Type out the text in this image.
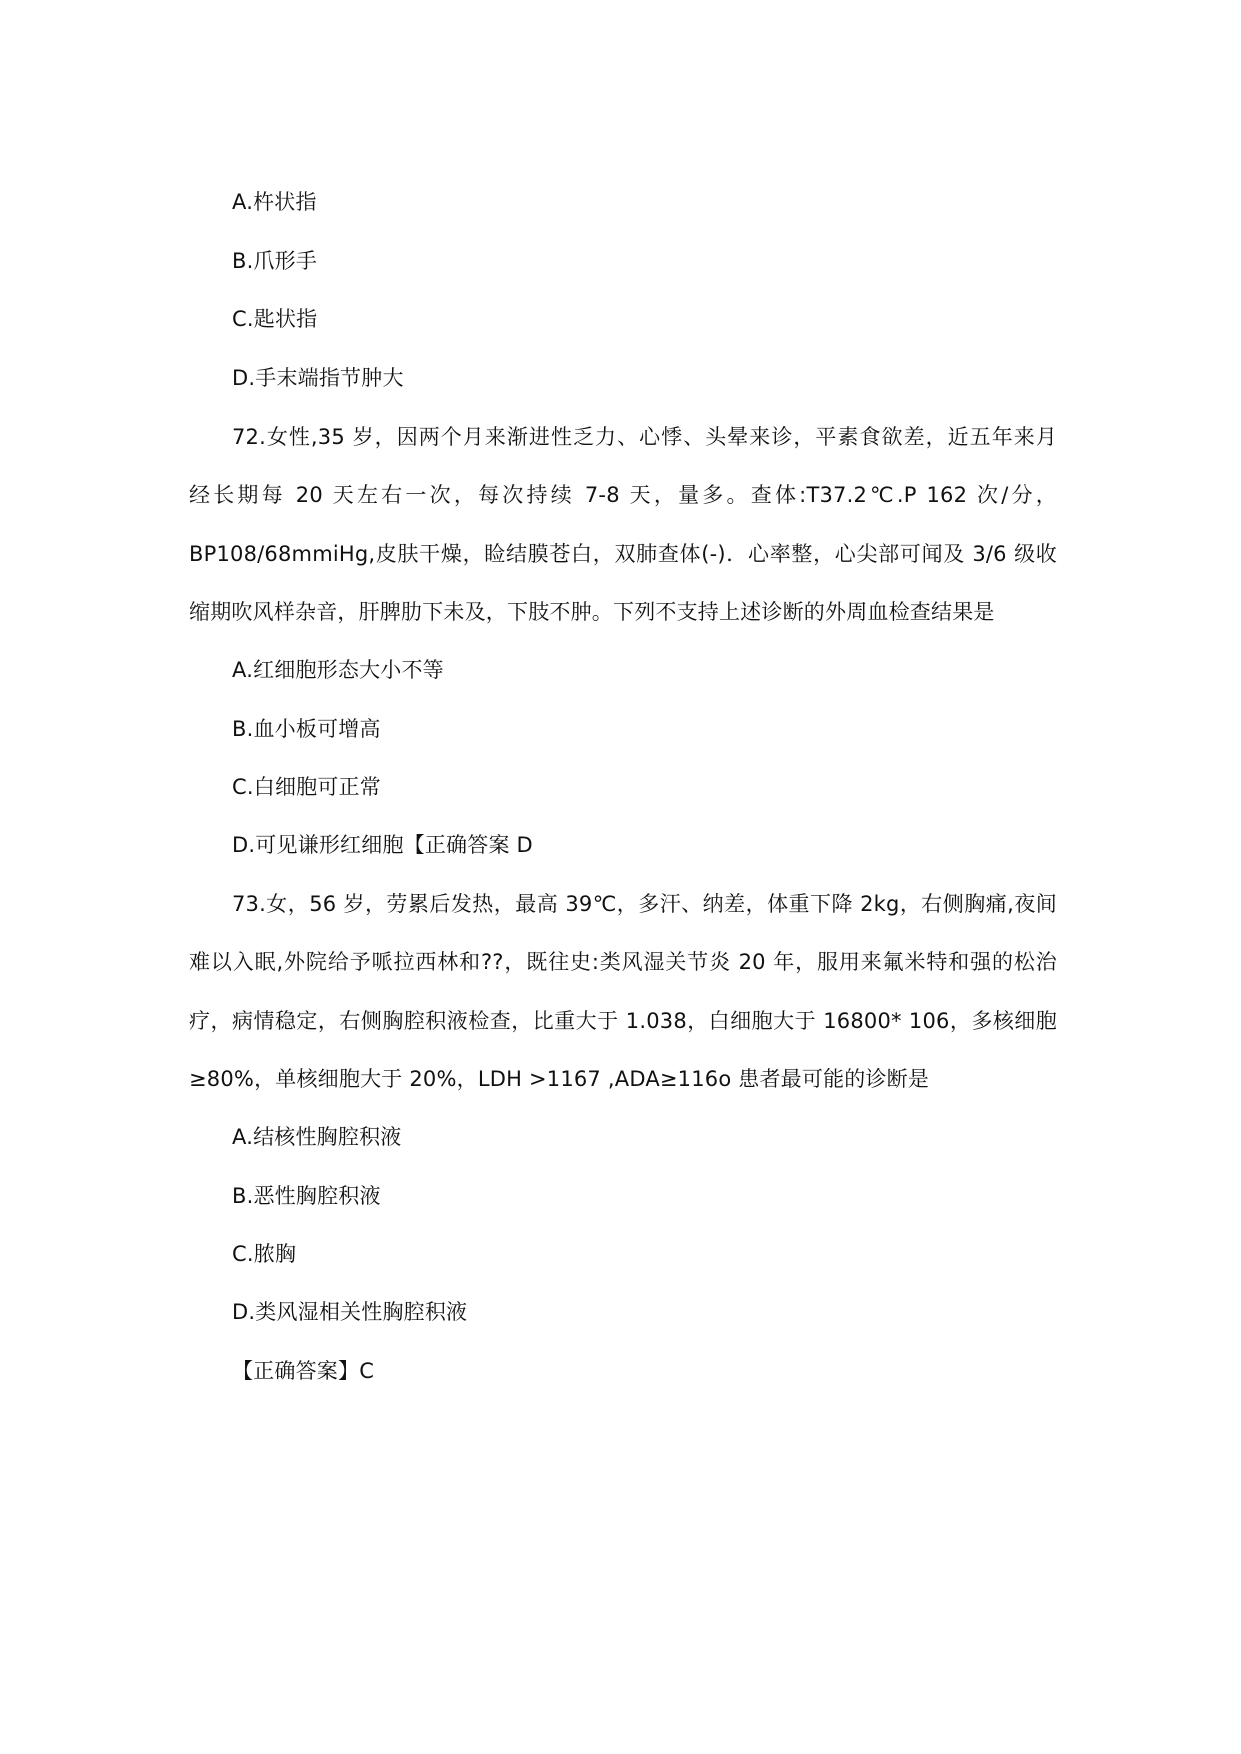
A.杵状指
B.爪形手
C.匙状指
D.手末端指节肿大
72.女性,35 岁，因两个月来渐进性乏力、心悸、头晕来诊，平素食欲差，近五年来月
经长期每 20 天左右一次，每次持续 7-8 天，量多。查体:T37.2℃.P 162 次/分，
BP108/68mmiHg,皮肤干燥，睑结膜苍白，双肺查体(-)．心率整，心尖部可闻及 3/6 级收
缩期吹风样杂音，肝脾肋下未及，下肢不肿。下列不支持上述诊断的外周血检查结果是
A.红细胞形态大小不等
B.血小板可增高
C.白细胞可正常
D.可见谦形红细胞【正确答案 D
73.女，56 岁，劳累后发热，最高 39℃，多汗、纳差，体重下降 2kg，右侧胸痛,夜间
难以入眠,外院给予哌拉西林和??，既往史:类风湿关节炎 20 年，服用来氟米特和强的松治
疗，病情稳定，右侧胸腔积液检查，比重大于 1.038，白细胞大于 16800* 106，多核细胞
≥80%，单核细胞大于 20%，LDH >1167 ,ADA≥116o 患者最可能的诊断是
A.结核性胸腔积液
B.恶性胸腔积液
C.脓胸
D.类风湿相关性胸腔积液
【正确答案】C
